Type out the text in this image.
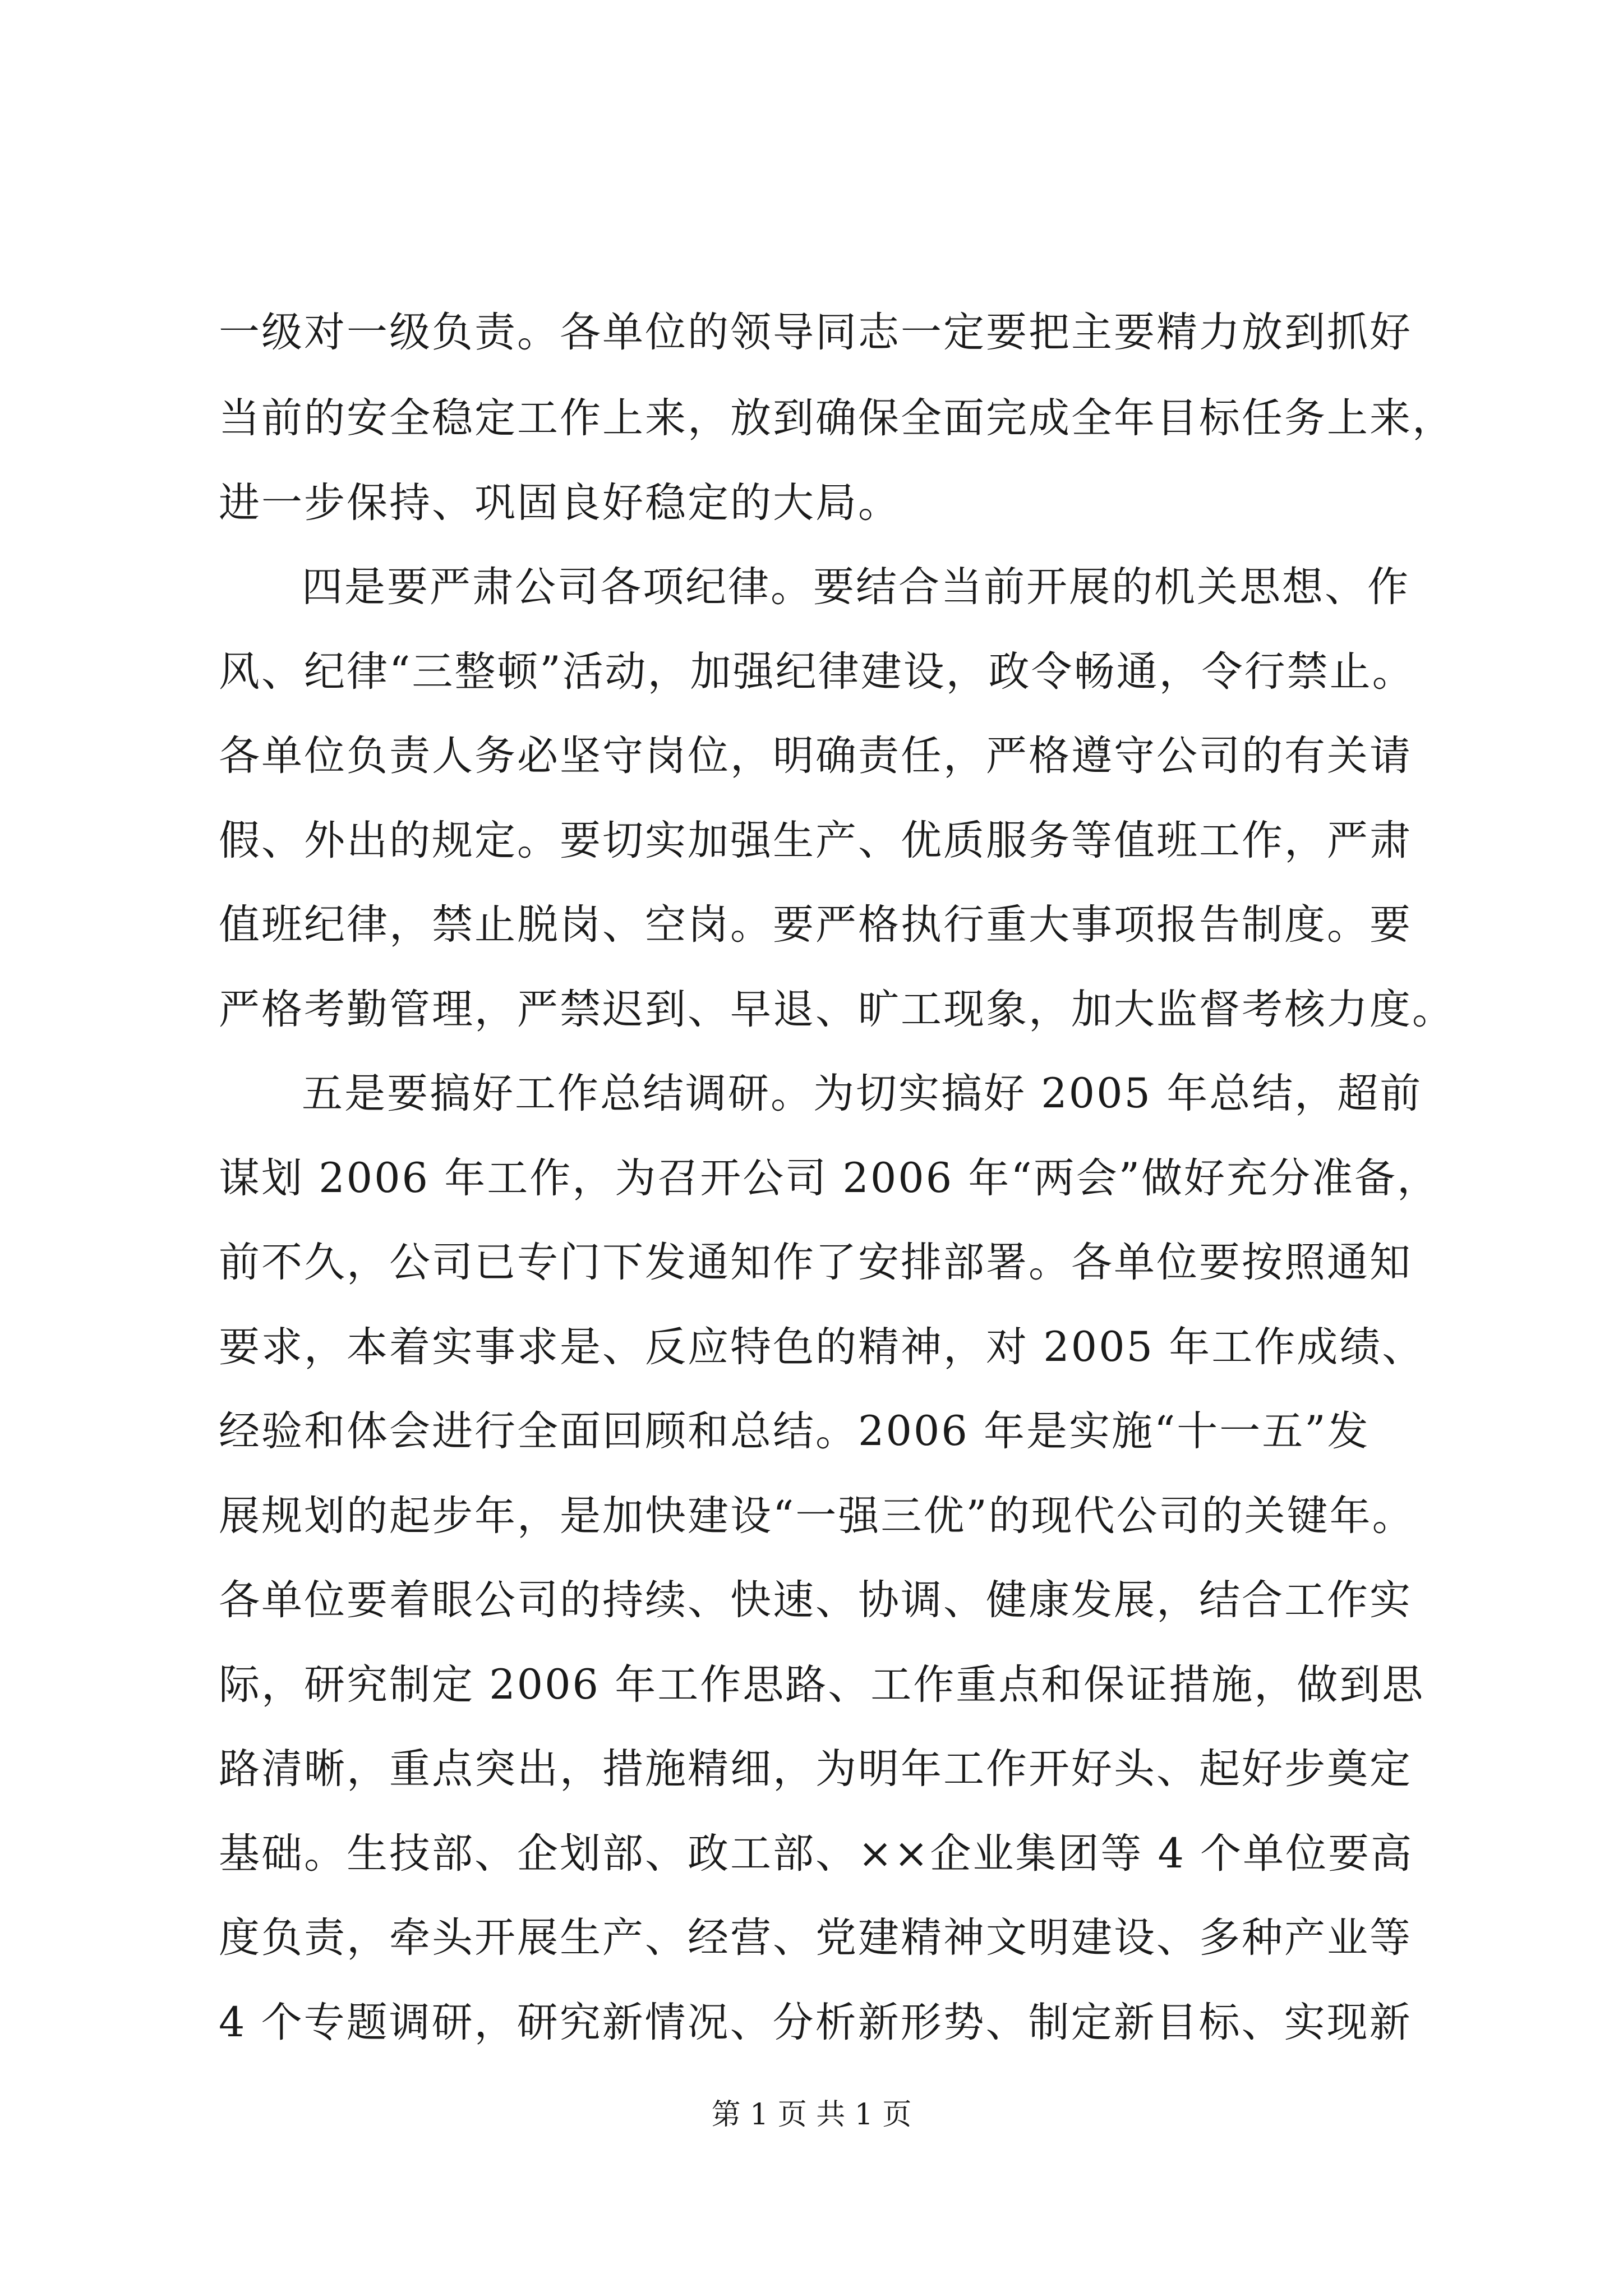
一级对一级负责。各单位的领导同志一定要把主要精力放到抓好
当前的安全稳定工作上来，放到确保全面完成全年目标任务上来，
进一步保持、巩固良好稳定的大局。
四是要严肃公司各项纪律。要结合当前开展的机关思想、作
风、纪律“三整顿”活动，加强纪律建设，政令畅通，令行禁止。
各单位负责人务必坚守岗位，明确责任，严格遵守公司的有关请
假、外出的规定。要切实加强生产、优质服务等值班工作，严肃
值班纪律，禁止脱岗、空岗。要严格执行重大事项报告制度。要
严格考勤管理，严禁迟到、早退、旷工现象，加大监督考核力度。
五是要搞好工作总结调研。为切实搞好 2005 年总结，超前
谋划 2006 年工作，为召开公司 2006 年“两会”做好充分准备，
前不久，公司已专门下发通知作了安排部署。各单位要按照通知
要求，本着实事求是、反应特色的精神，对 2005 年工作成绩、
经验和体会进行全面回顾和总结。2006 年是实施“十一五”发
展规划的起步年，是加快建设“一强三优”的现代公司的关键年。
各单位要着眼公司的持续、快速、协调、健康发展，结合工作实
际，研究制定 2006 年工作思路、工作重点和保证措施，做到思
路清晰，重点突出，措施精细，为明年工作开好头、起好步奠定
基础。生技部、企划部、政工部、××企业集团等 4 个单位要高
度负责，牵头开展生产、经营、党建精神文明建设、多种产业等
4 个专题调研，研究新情况、分析新形势、制定新目标、实现新
第 1 页 共 1 页
